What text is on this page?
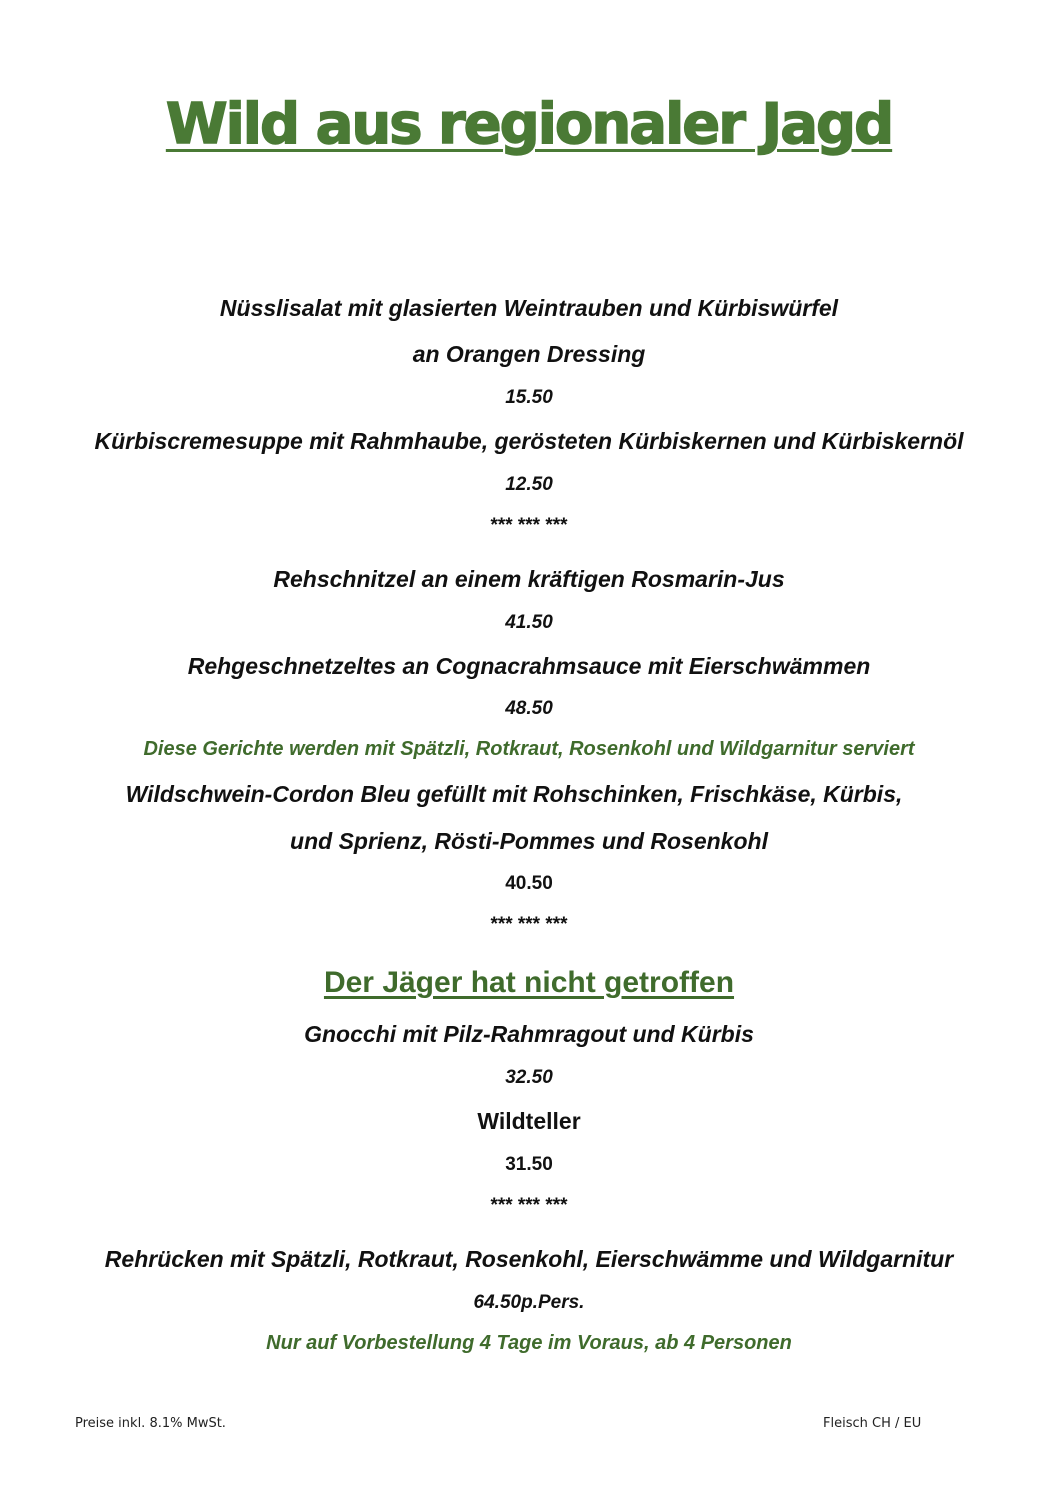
Wild aus regionaler Jagd
Nüsslisalat mit glasierten Weintrauben und Kürbiswürfel
an Orangen Dressing
15.50
Kürbiscremesuppe mit Rahmhaube, gerösteten Kürbiskernen und Kürbiskernöl
12.50
*** *** ***
Rehschnitzel an einem kräftigen Rosmarin-Jus
41.50
Rehgeschnetzeltes an Cognacrahmsauce mit Eierschwämmen
48.50
Diese Gerichte werden mit Spätzli, Rotkraut, Rosenkohl und Wildgarnitur serviert
Wildschwein-Cordon Bleu gefüllt mit Rohschinken, Frischkäse, Kürbis,
und Sprienz, Rösti-Pommes und Rosenkohl
40.50
*** *** ***
Der Jäger hat nicht getroffen
Gnocchi mit Pilz-Rahmragout und Kürbis
32.50
Wildteller
31.50
*** *** ***
Rehrücken mit Spätzli, Rotkraut, Rosenkohl, Eierschwämme und Wildgarnitur
64.50p.Pers.
Nur auf Vorbestellung 4 Tage im Voraus, ab 4 Personen
Preise inkl. 8.1% MwSt.	Fleisch CH / EU
